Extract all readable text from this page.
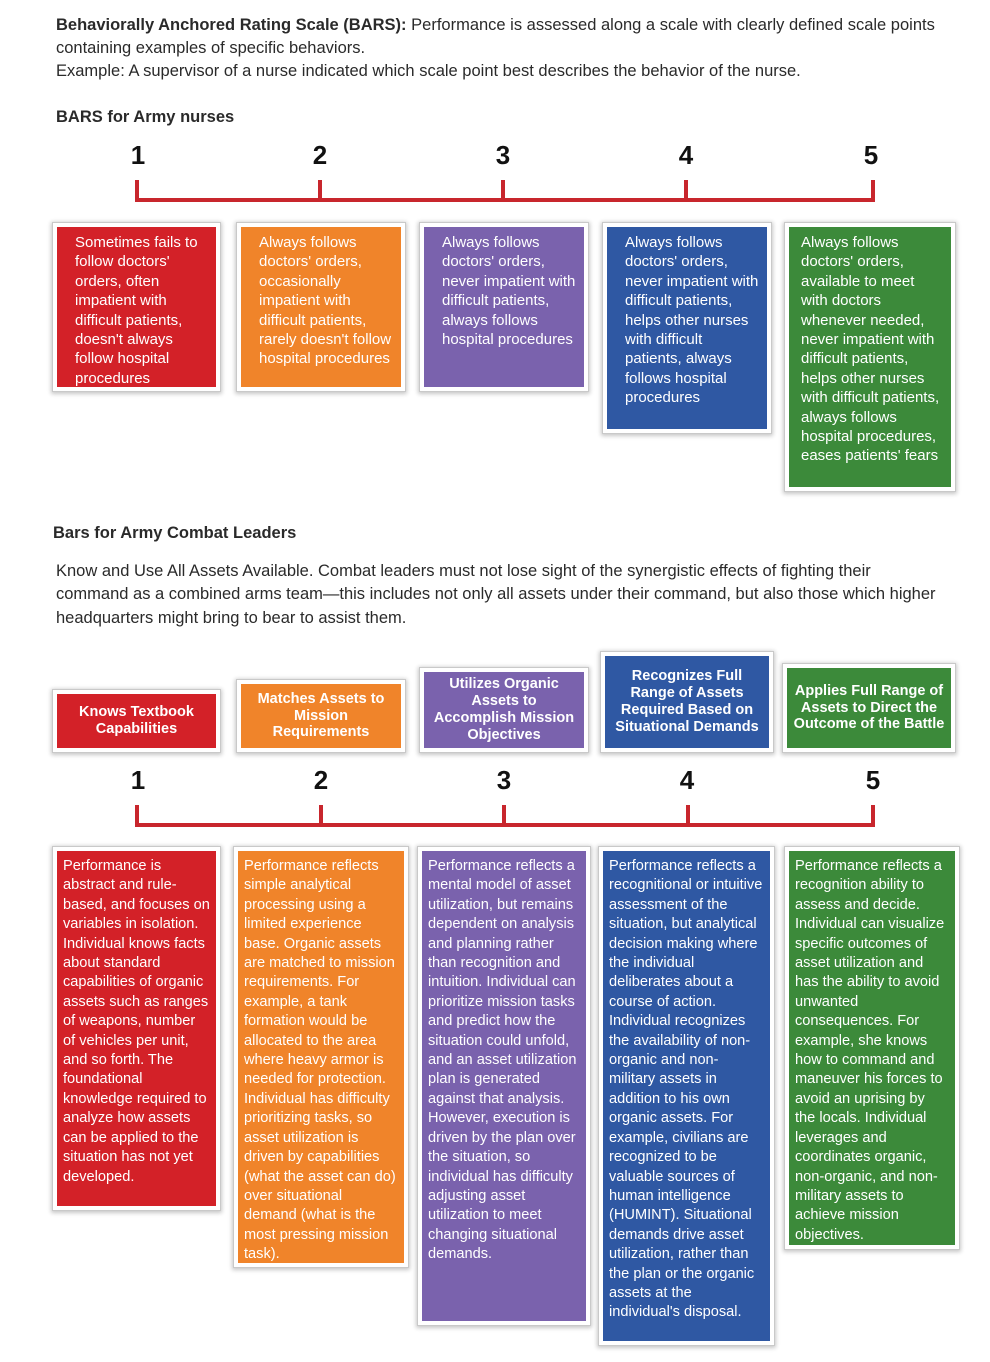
Behaviorally Anchored Rating Scale (BARS): Performance is assessed along a scale with clearly defined scale points containing examples of specific behaviors.
Example: A supervisor of a nurse indicated which scale point best describes the behavior of the nurse.
BARS for Army nurses
1	2	3	4	5
Sometimes fails to follow doctors' orders, often impatient with difficult patients, doesn't always follow hospital procedures
Always follows doctors' orders, occasionally impatient with difficult patients, rarely doesn't follow hospital procedures
Always follows doctors' orders, never impatient with difficult patients, always follows hospital procedures
Always follows doctors' orders, never impatient with difficult patients, helps other nurses with difficult patients, always follows hospital procedures
Always follows doctors' orders, available to meet with doctors whenever needed, never impatient with difficult patients, helps other nurses with difficult patients, always follows hospital procedures, eases patients' fears
Bars for Army Combat Leaders
Know and Use All Assets Available. Combat leaders must not lose sight of the synergistic effects of fighting their command as a combined arms team—this includes not only all assets under their command, but also those which higher headquarters might bring to bear to assist them.
Knows Textbook Capabilities
Matches Assets to Mission Requirements
Utilizes Organic Assets to Accomplish Mission Objectives
Recognizes Full Range of Assets Required Based on Situational Demands
Applies Full Range of Assets to Direct the Outcome of the Battle
1	2	3	4	5
Performance is abstract and rule-based, and focuses on variables in isolation. Individual knows facts about standard capabilities of organic assets such as ranges of weapons, number of vehicles per unit, and so forth. The foundational knowledge required to analyze how assets can be applied to the situation has not yet developed.
Performance reflects simple analytical processing using a limited experience base. Organic assets are matched to mission requirements. For example, a tank formation would be allocated to the area where heavy armor is needed for protection. Individual has difficulty prioritizing tasks, so asset utilization is driven by capabilities (what the asset can do) over situational demand (what is the most pressing mission task).
Performance reflects a mental model of asset utilization, but remains dependent on analysis and planning rather than recognition and intuition. Individual can prioritize mission tasks and predict how the situation could unfold, and an asset utilization plan is generated against that analysis. However, execution is driven by the plan over the situation, so individual has difficulty adjusting asset utilization to meet changing situational demands.
Performance reflects a recognitional or intuitive assessment of the situation, but analytical decision making where the individual deliberates about a course of action. Individual recognizes the availability of non-organic and non-military assets in addition to his own organic assets. For example, civilians are recognized to be valuable sources of human intelligence (HUMINT). Situational demands drive asset utilization, rather than the plan or the organic assets at the individual's disposal.
Performance reflects a recognition ability to assess and decide. Individual can visualize specific outcomes of asset utilization and has the ability to avoid unwanted consequences. For example, she knows how to command and maneuver his forces to avoid an uprising by the locals. Individual leverages and coordinates organic, non-organic, and non-military assets to achieve mission objectives.
